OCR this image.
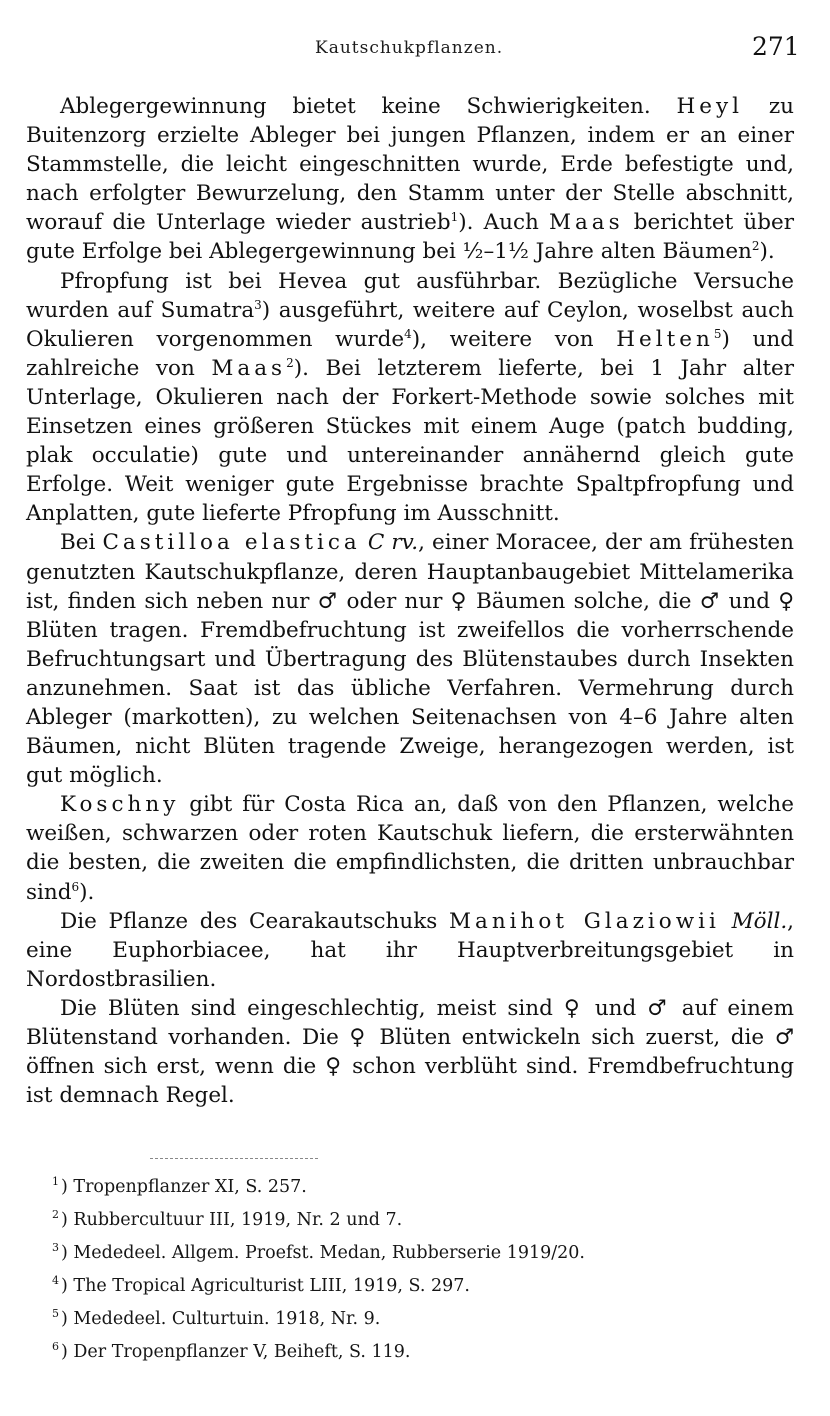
Kautschukpflanzen.	271

Ablegergewinnung bietet keine Schwierigkeiten. Heyl zu Buitenzorg erzielte Ableger bei jungen Pflanzen, indem er an einer Stammstelle, die leicht eingeschnitten wurde, Erde befestigte und, nach erfolgter Bewurzelung, den Stamm unter der Stelle abschnitt, worauf die Unterlage wieder austrieb$^1$). Auch Maas berichtet über gute Erfolge bei Ablegergewinnung bei ½–1½ Jahre alten Bäumen$^2$).

Pfropfung ist bei Hevea gut ausführbar. Bezügliche Versuche wurden auf Sumatra$^3$) ausgeführt, weitere auf Ceylon, woselbst auch Okulieren vorgenommen wurde$^4$), weitere von Helten$^5$) und zahlreiche von Maas$^2$). Bei letzterem lieferte, bei 1 Jahr alter Unterlage, Okulieren nach der Forkert-Methode sowie solches mit Einsetzen eines größeren Stückes mit einem Auge (patch budding, plak occulatie) gute und untereinander annähernd gleich gute Erfolge. Weit weniger gute Ergebnisse brachte Spaltpfropfung und Anplatten, gute lieferte Pfropfung im Ausschnitt.

Bei Castilloa elastica C rv., einer Moracee, der am frühesten genutzten Kautschukpflanze, deren Hauptanbaugebiet Mittelamerika ist, finden sich neben nur ♂ oder nur ♀ Bäumen solche, die ♂ und ♀ Blüten tragen. Fremdbefruchtung ist zweifellos die vorherrschende Befruchtungsart und Übertragung des Blütenstaubes durch Insekten anzunehmen. Saat ist das übliche Verfahren. Vermehrung durch Ableger (markotten), zu welchen Seitenachsen von 4–6 Jahre alten Bäumen, nicht Blüten tragende Zweige, herangezogen werden, ist gut möglich.

Koschny gibt für Costa Rica an, daß von den Pflanzen, welche weißen, schwarzen oder roten Kautschuk liefern, die ersterwähnten die besten, die zweiten die empfindlichsten, die dritten unbrauchbar sind$^6$).

Die Pflanze des Cearakautschuks Manihot Glaziowii Möll., eine Euphorbiacee, hat ihr Hauptverbreitungsgebiet in Nordostbrasilien.

Die Blüten sind eingeschlechtig, meist sind ♀ und ♂ auf einem Blütenstand vorhanden. Die ♀ Blüten entwickeln sich zuerst, die ♂ öffnen sich erst, wenn die ♀ schon verblüht sind. Fremdbefruchtung ist demnach Regel.

$^1$ ) Tropenpflanzer XI, S. 257.
$^2$ ) Rubbercultuur III, 1919, Nr. 2 und 7.
$^3$ ) Mededeel. Allgem. Proefst. Medan, Rubberserie 1919/20.
$^4$ ) The Tropical Agriculturist LIII, 1919, S. 297.
$^5$ ) Mededeel. Culturtuin. 1918, Nr. 9.
$^6$ ) Der Tropenpflanzer V, Beiheft, S. 119.
